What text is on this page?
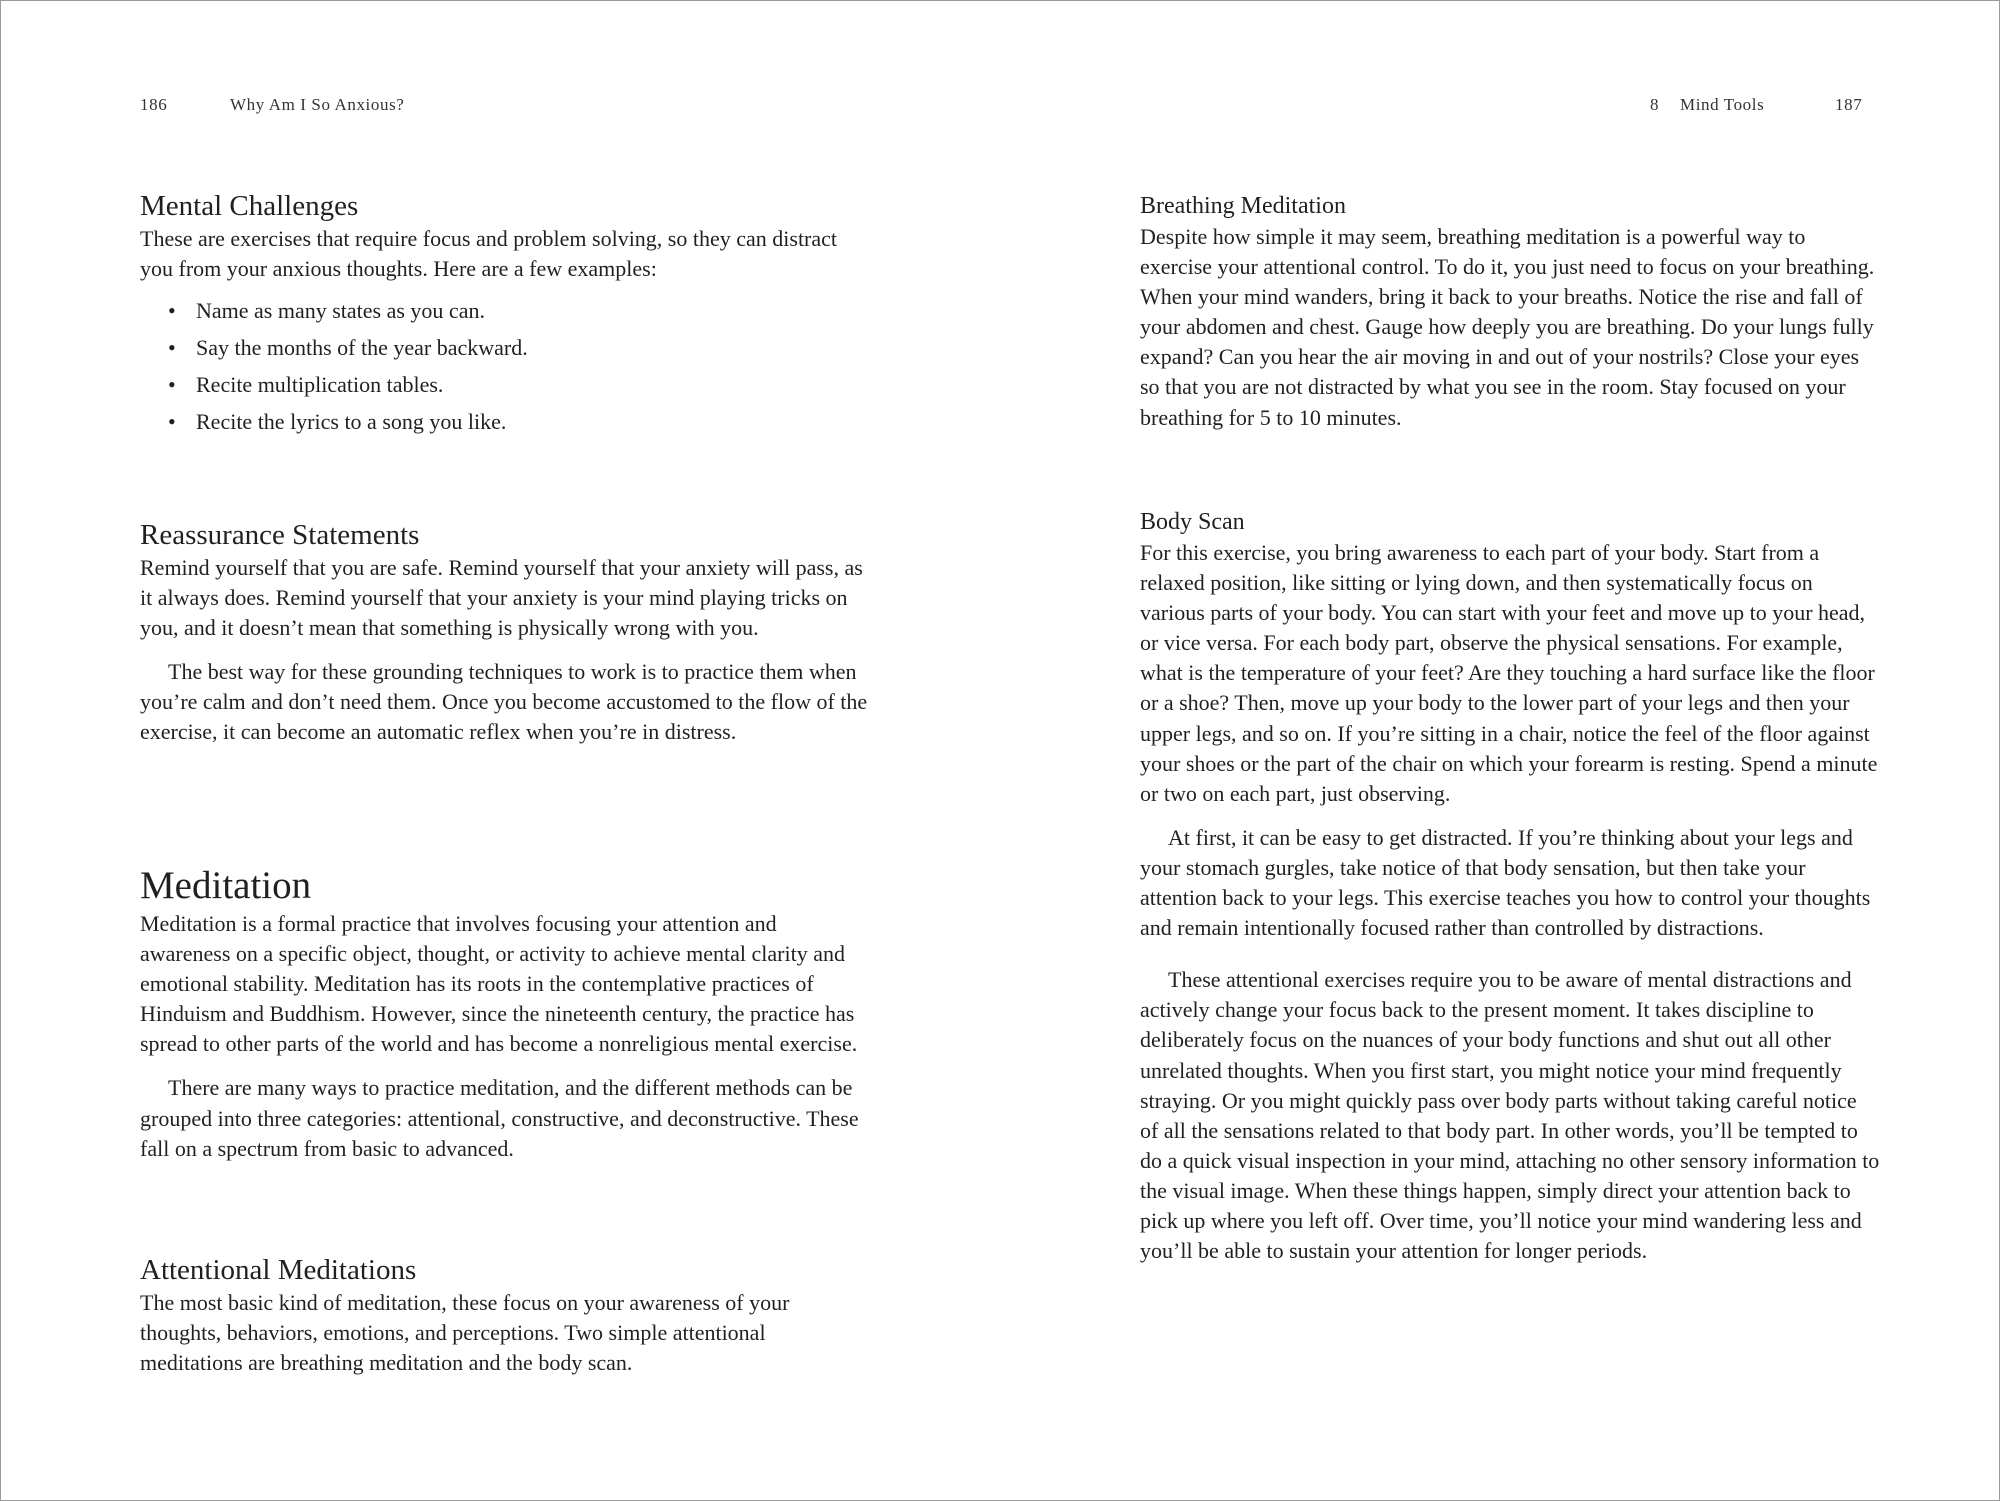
186	Why Am I So Anxious?
Mental Challenges

These are exercises that require focus and problem solving, so they can distract you from your anxious thoughts. Here are a few examples:

• Name as many states as you can.
• Say the months of the year backward.
• Recite multiplication tables.
• Recite the lyrics to a song you like.
Reassurance Statements

Remind yourself that you are safe. Remind yourself that your anxiety will pass, as it always does. Remind yourself that your anxiety is your mind playing tricks on you, and it doesn’t mean that something is physically wrong with you.

The best way for these grounding techniques to work is to practice them when you’re calm and don’t need them. Once you become accustomed to the flow of the exercise, it can become an automatic reflex when you’re in distress.

Meditation

Meditation is a formal practice that involves focusing your attention and awareness on a specific object, thought, or activity to achieve mental clarity and emotional stability. Meditation has its roots in the contemplative practices of Hinduism and Buddhism. However, since the nineteenth century, the practice has spread to other parts of the world and has become a nonreligious mental exercise.

There are many ways to practice meditation, and the different methods can be grouped into three categories: attentional, constructive, and deconstructive. These fall on a spectrum from basic to advanced.

Attentional Meditations

The most basic kind of meditation, these focus on your awareness of your thoughts, behaviors, emotions, and perceptions. Two simple attentional meditations are breathing meditation and the body scan.

8 Mind Tools	187
Breathing Meditation

Despite how simple it may seem, breathing meditation is a powerful way to exercise your attentional control. To do it, you just need to focus on your breathing. When your mind wanders, bring it back to your breaths. Notice the rise and fall of your abdomen and chest. Gauge how deeply you are breathing. Do your lungs fully expand? Can you hear the air moving in and out of your nostrils? Close your eyes so that you are not distracted by what you see in the room. Stay focused on your breathing for 5 to 10 minutes.

Body Scan

For this exercise, you bring awareness to each part of your body. Start from a relaxed position, like sitting or lying down, and then systematically focus on various parts of your body. You can start with your feet and move up to your head, or vice versa. For each body part, observe the physical sensations. For example, what is the temperature of your feet? Are they touching a hard surface like the floor or a shoe? Then, move up your body to the lower part of your legs and then your upper legs, and so on. If you’re sitting in a chair, notice the feel of the floor against your shoes or the part of the chair on which your forearm is resting. Spend a minute or two on each part, just observing.

At first, it can be easy to get distracted. If you’re thinking about your legs and your stomach gurgles, take notice of that body sensation, but then take your attention back to your legs. This exercise teaches you how to control your thoughts and remain intentionally focused rather than controlled by distractions.

These attentional exercises require you to be aware of mental distractions and actively change your focus back to the present moment. It takes discipline to deliberately focus on the nuances of your body functions and shut out all other unrelated thoughts. When you first start, you might notice your mind frequently straying. Or you might quickly pass over body parts without taking careful notice of all the sensations related to that body part. In other words, you’ll be tempted to do a quick visual inspection in your mind, attaching no other sensory information to the visual image. When these things happen, simply direct your attention back to pick up where you left off. Over time, you’ll notice your mind wandering less and you’ll be able to sustain your attention for longer periods.
